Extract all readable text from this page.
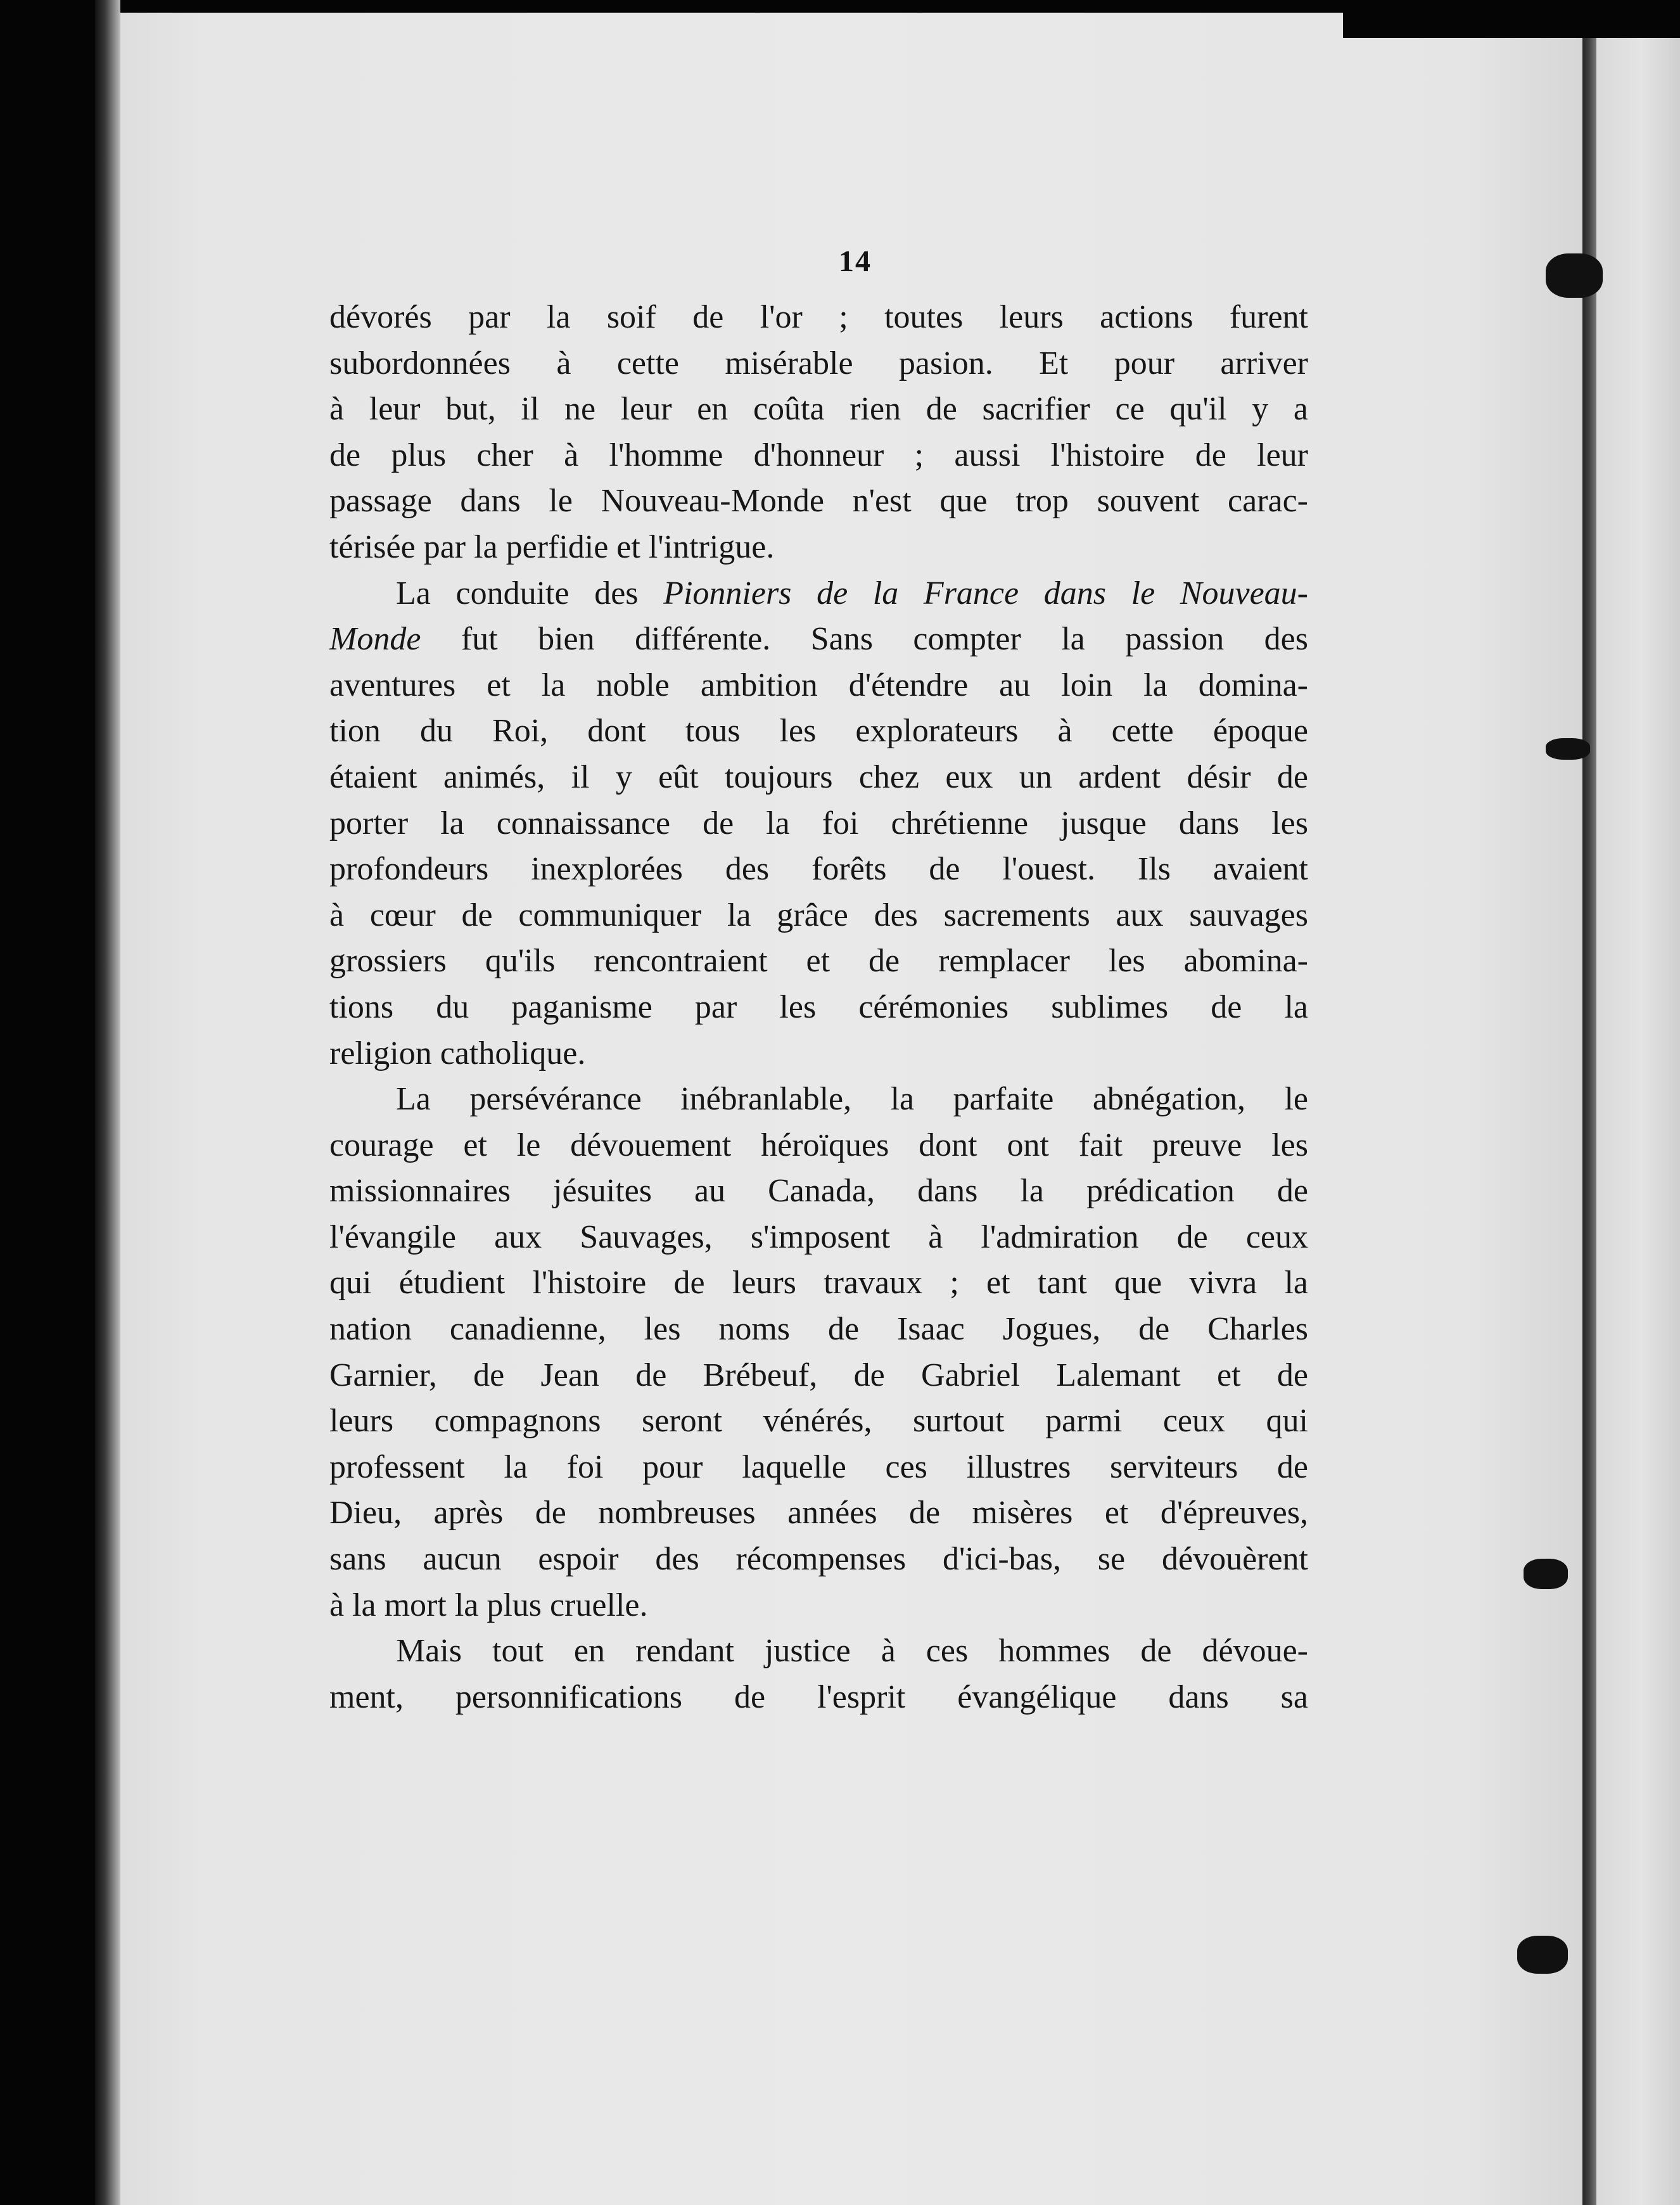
14
dévorés par la soif de l'or ; toutes leurs actions furent
subordonnées à cette misérable pasion. Et pour arriver
à leur but, il ne leur en coûta rien de sacrifier ce qu'il y a
de plus cher à l'homme d'honneur ; aussi l'histoire de leur
passage dans le Nouveau-Monde n'est que trop souvent carac-
térisée par la perfidie et l'intrigue.
La conduite des Pionniers de la France dans le Nouveau-
Monde fut bien différente. Sans compter la passion des
aventures et la noble ambition d'étendre au loin la domina-
tion du Roi, dont tous les explorateurs à cette époque
étaient animés, il y eût toujours chez eux un ardent désir de
porter la connaissance de la foi chrétienne jusque dans les
profondeurs inexplorées des forêts de l'ouest. Ils avaient
à cœur de communiquer la grâce des sacrements aux sauvages
grossiers qu'ils rencontraient et de remplacer les abomina-
tions du paganisme par les cérémonies sublimes de la
religion catholique.
La persévérance inébranlable, la parfaite abnégation, le
courage et le dévouement héroïques dont ont fait preuve les
missionnaires jésuites au Canada, dans la prédication de
l'évangile aux Sauvages, s'imposent à l'admiration de ceux
qui étudient l'histoire de leurs travaux ; et tant que vivra la
nation canadienne, les noms de Isaac Jogues, de Charles
Garnier, de Jean de Brébeuf, de Gabriel Lalemant et de
leurs compagnons seront vénérés, surtout parmi ceux qui
professent la foi pour laquelle ces illustres serviteurs de
Dieu, après de nombreuses années de misères et d'épreuves,
sans aucun espoir des récompenses d'ici-bas, se dévouèrent
à la mort la plus cruelle.
Mais tout en rendant justice à ces hommes de dévoue-
ment, personnifications de l'esprit évangélique dans sa
